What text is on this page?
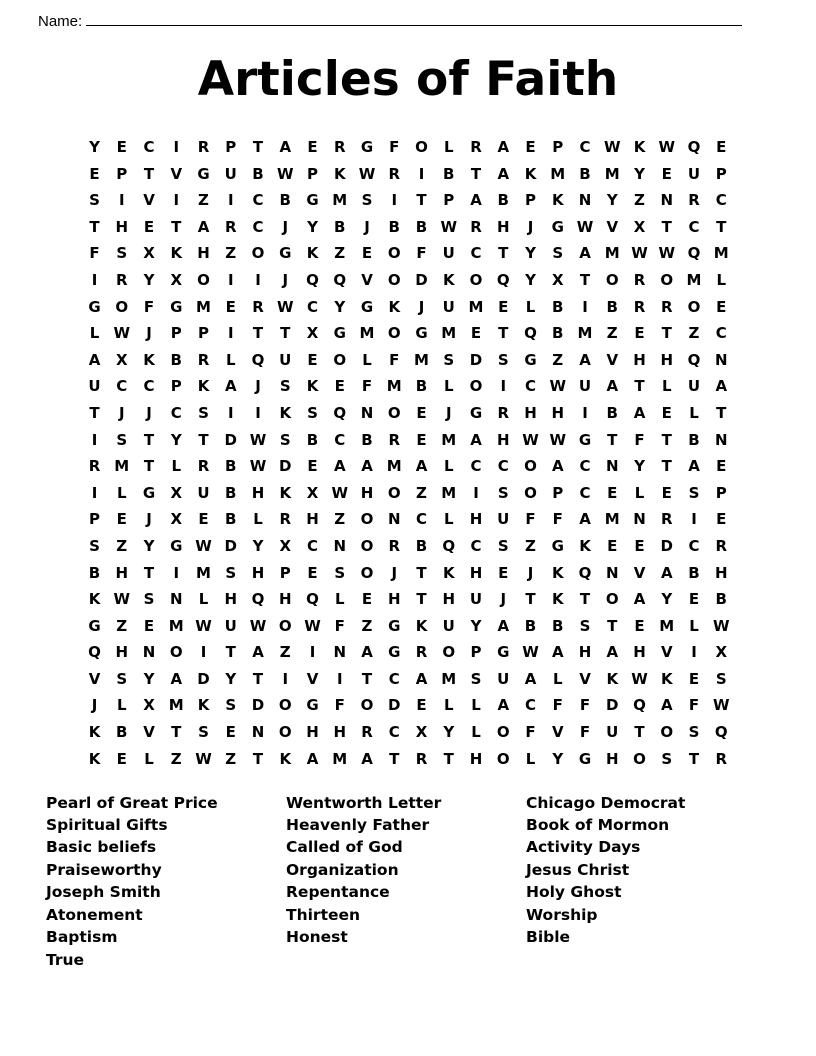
Name:
Articles of Faith
Y	E	C	I	R	P	T	A	E	R	G	F	O	L	R	A	E	P	C W K W Q	E
E	P	T	V	G U	B W P	K W R	I	B	T	A	K M B M Y	E	U	P
S	I	V	I	Z	I	C	B	G M S	I	T	P	A	B	P	K	N	Y	Z	N	R	C
T	H	E	T	A	R	C	J	Y	B	J	B	B W R	H	J	G W V	X	T	C	T
F	S	X	K	H	Z	O G	K	Z	E	O	F	U	C	T	Y	S	A M W W Q M
I	R	Y	X	O	I	I	J	Q Q	V	O D	K	O Q	Y	X	T	O	R	O M	L
G O	F	G M E	R W C	Y	G	K	J	U M E	L	B	I	B	R	R	O	E
L W	J	P	P	I	T	T	X	G M O G M E	T	Q	B M Z	E	T	Z	C
A	X	K	B	R	L	Q U	E	O	L	F M S	D	S	G	Z	A	V	H H Q N
U	C	C	P	K	A	J	S	K	E	F M B	L	O	I	C W U	A	T	L	U	A
T	J	J	C	S	I	I	K	S	Q N O	E	J	G	R	H H	I	B	A	E	L	T
I	S	T	Y	T	D W S	B	C	B	R	E M A	H W W G	T	F	T	B	N
R M T	L	R	B W D	E	A	A M A	L	C	C	O	A	C	N	Y	T	A	E
I	L	G	X	U	B	H	K	X W H O	Z M	I	S	O	P	C	E	L	E	S	P
P	E	J	X	E	B	L	R	H	Z	O N	C	L	H U	F	F	A M N	R	I	E
S	Z	Y	G W D	Y	X	C	N O	R	B	Q	C	S	Z	G	K	E	E	D	C	R
B	H	T	I	M S	H	P	E	S	O	J	T	K	H	E	J	K	Q N	V	A	B	H
K W S	N	L	H Q H Q	L	E	H	T	H U	J	T	K	T	O	A	Y	E	B
G	Z	E M W U W O W F	Z	G	K	U	Y	A	B	B	S	T	E M	L W
Q H N O	I	T	A	Z	I	N	A	G	R	O	P	G W A	H	A	H	V	I	X
V	S	Y	A	D	Y	T	I	V	I	T	C	A M S	U	A	L	V	K W K	E	S
J	L	X M K	S	D O G	F	O D	E	L	L	A	C	F	F	D Q	A	F W
K	B	V	T	S	E	N O H H	R	C	X	Y	L	O	F	V	F	U	T	O	S	Q
K	E	L	Z W Z	T	K	A M A	T	R	T	H O	L	Y	G H O	S	T	R
Pearl of Great Price
Spiritual Gifts
Basic beliefs
Praiseworthy
Joseph Smith
Atonement
Baptism
True
Wentworth Letter
Heavenly Father
Called of God
Organization
Repentance
Thirteen
Honest
Chicago Democrat
Book of Mormon
Activity Days
Jesus Christ
Holy Ghost
Worship
Bible
